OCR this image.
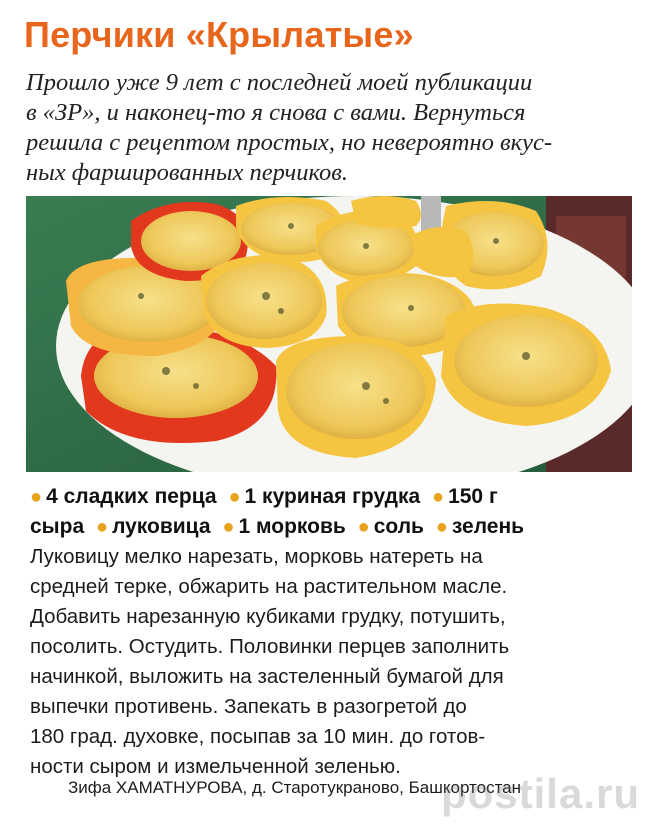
Перчики «Крылатые»
Прошло уже 9 лет с последней моей публикации
в «ЗР», и наконец-то я снова с вами. Вернуться
решила с рецептом простых, но невероятно вкус-
ных фаршированных перчиков.
● 4 сладких перца ● 1 куриная грудка ● 150 г
сыра ● луковица ● 1 морковь ● соль ● зелень
Луковицу мелко нарезать, морковь натереть на
средней терке, обжарить на растительном масле.
Добавить нарезанную кубиками грудку, потушить,
посолить. Остудить. Половинки перцев заполнить
начинкой, выложить на застеленный бумагой для
выпечки противень. Запекать в разогретой до
180 град. духовке, посыпав за 10 мин. до готов-
ности сыром и измельченной зеленью.
Зифа ХАМАТНУРОВА, д. Старотукраново, Башкортостан
postila.ru
